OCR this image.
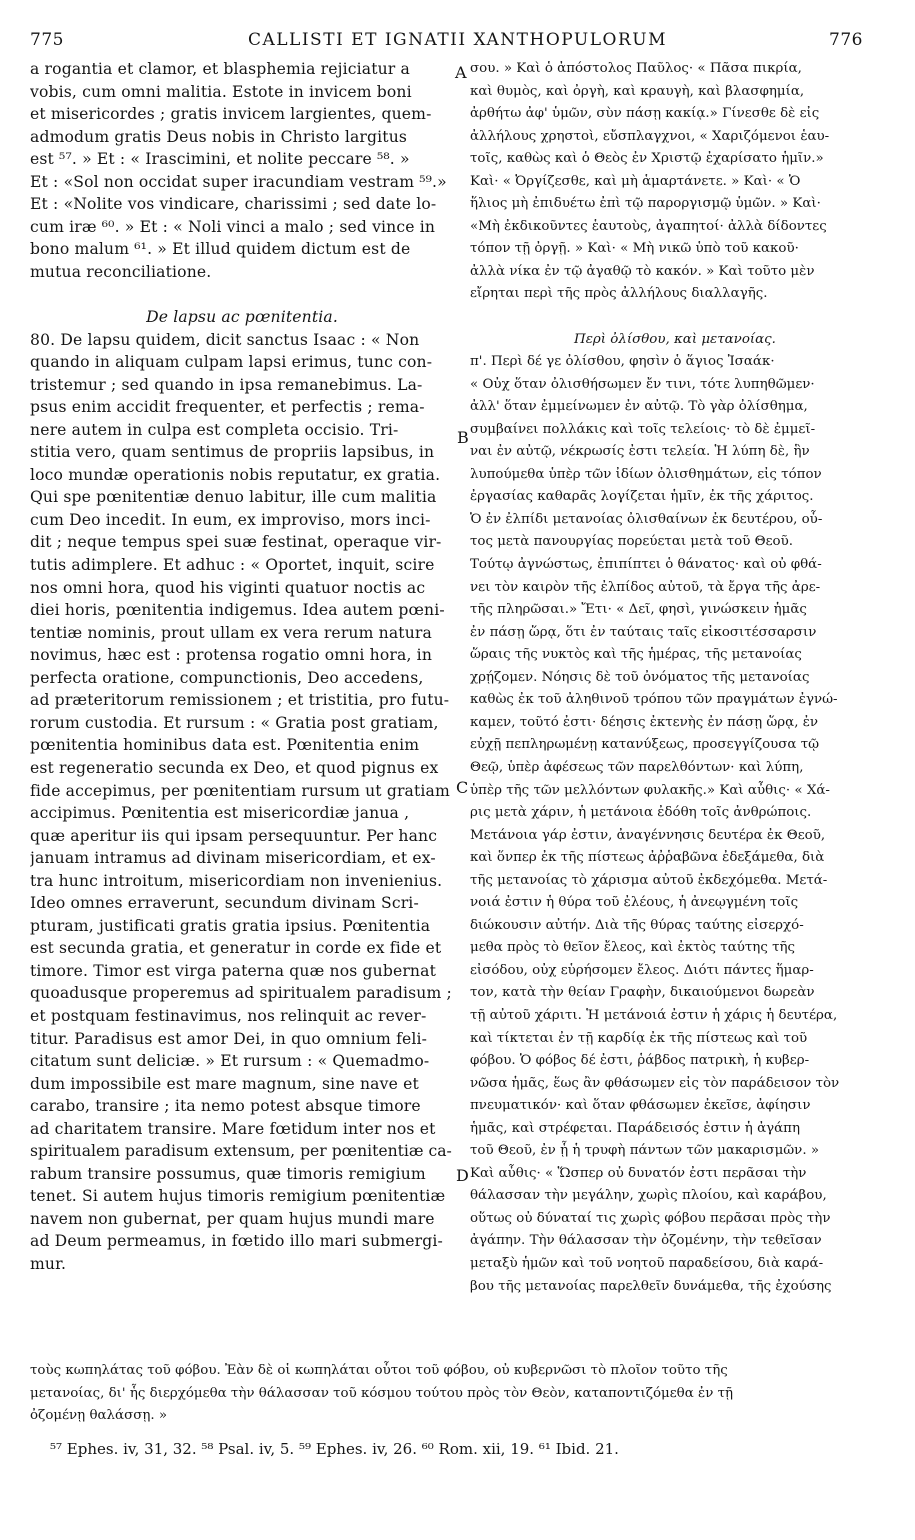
775	CALLISTI ET IGNATII XANTHOPULORUM	776
A
B
C
D
a rogantia et clamor, et blasphemia rejiciatur a
vobis, cum omni malitia. Estote in invicem boni
et misericordes ; gratis invicem largientes, quem-
admodum gratis Deus nobis in Christo largitus
est ⁵⁷. » Et : « Irascimini, et nolite peccare ⁵⁸. »
Et : «Sol non occidat super iracundiam vestram ⁵⁹.»
Et : «Nolite vos vindicare, charissimi ; sed date lo-
cum iræ ⁶⁰. » Et : « Noli vinci a malo ; sed vince in
bono malum ⁶¹. » Et illud quidem dictum est de
mutua reconciliatione.
De lapsu ac pœnitentia.
80. De lapsu quidem, dicit sanctus Isaac : « Non
quando in aliquam culpam lapsi erimus, tunc con-
tristemur ; sed quando in ipsa remanebimus. La-
psus enim accidit frequenter, et perfectis ; rema-
nere autem in culpa est completa occisio. Tri-
stitia vero, quam sentimus de propriis lapsibus, in
loco mundæ operationis nobis reputatur, ex gratia.
Qui spe pœnitentiæ denuo labitur, ille cum malitia
cum Deo incedit. In eum, ex improviso, mors inci-
dit ; neque tempus spei suæ festinat, operaque vir-
tutis adimplere. Et adhuc : « Oportet, inquit, scire
nos omni hora, quod his viginti quatuor noctis ac
diei horis, pœnitentia indigemus. Idea autem pœni-
tentiæ nominis, prout ullam ex vera rerum natura
novimus, hæc est : protensa rogatio omni hora, in
perfecta oratione, compunctionis, Deo accedens,
ad præteritorum remissionem ; et tristitia, pro futu-
rorum custodia. Et rursum : « Gratia post gratiam,
pœnitentia hominibus data est. Pœnitentia enim
est regeneratio secunda ex Deo, et quod pignus ex
fide accepimus, per pœnitentiam rursum ut gratiam
accipimus. Pœnitentia est misericordiæ janua ,
quæ aperitur iis qui ipsam persequuntur. Per hanc
januam intramus ad divinam misericordiam, et ex-
tra hunc introitum, misericordiam non invenienius.
Ideo omnes erraverunt, secundum divinam Scri-
pturam, justificati gratis gratia ipsius. Pœnitentia
est secunda gratia, et generatur in corde ex fide et
timore. Timor est virga paterna quæ nos gubernat
quoadusque properemus ad spiritualem paradisum ;
et postquam festinavimus, nos relinquit ac rever-
titur. Paradisus est amor Dei, in quo omnium feli-
citatum sunt deliciæ. » Et rursum : « Quemadmo-
dum impossibile est mare magnum, sine nave et
carabo, transire ; ita nemo potest absque timore
ad charitatem transire. Mare fœtidum inter nos et
spiritualem paradisum extensum, per pœnitentiæ ca-
rabum transire possumus, quæ timoris remigium
tenet. Si autem hujus timoris remigium pœnitentiæ
navem non gubernat, per quam hujus mundi mare
ad Deum permeamus, in fœtido illo mari submergi-
mur.
σου. » Καὶ ὁ ἀπόστολος Παῦλος· « Πᾶσα πικρία,
καὶ θυμὸς, καὶ ὀργὴ, καὶ κραυγὴ, καὶ βλασφημία,
ἀρθήτω ἀφ' ὑμῶν, σὺν πάσῃ κακίᾳ.» Γίνεσθε δὲ εἰς
ἀλλήλους χρηστοὶ, εὔσπλαγχνοι, « Χαριζόμενοι ἑαυ-
τοῖς, καθὼς καὶ ὁ Θεὸς ἐν Χριστῷ ἐχαρίσατο ἡμῖν.»
Καὶ· « Ὀργίζεσθε, καὶ μὴ ἁμαρτάνετε. » Καὶ· « Ὁ
ἥλιος μὴ ἐπιδυέτω ἐπὶ τῷ παροργισμῷ ὑμῶν. » Καὶ·
«Μὴ ἐκδικοῦντες ἑαυτοὺς, ἀγαπητοί· ἀλλὰ δίδοντες
τόπον τῇ ὀργῇ. » Καὶ· « Μὴ νικῶ ὑπὸ τοῦ κακοῦ·
ἀλλὰ νίκα ἐν τῷ ἀγαθῷ τὸ κακόν. » Καὶ τοῦτο μὲν
εἴρηται περὶ τῆς πρὸς ἀλλήλους διαλλαγῆς.
Περὶ ὀλίσθου, καὶ μετανοίας.
π'. Περὶ δέ γε ὀλίσθου, φησὶν ὁ ἅγιος Ἰσαάκ·
« Οὐχ ὅταν ὀλισθήσωμεν ἔν τινι, τότε λυπηθῶμεν·
ἀλλ' ὅταν ἐμμείνωμεν ἐν αὐτῷ. Τὸ γὰρ ὀλίσθημα,
συμβαίνει πολλάκις καὶ τοῖς τελείοις· τὸ δὲ ἐμμεῖ-
ναι ἐν αὐτῷ, νέκρωσίς ἐστι τελεία. Ἡ λύπη δὲ, ἣν
λυπούμεθα ὑπὲρ τῶν ἰδίων ὀλισθημάτων, εἰς τόπον
ἐργασίας καθαρᾶς λογίζεται ἡμῖν, ἐκ τῆς χάριτος.
Ὁ ἐν ἐλπίδι μετανοίας ὀλισθαίνων ἐκ δευτέρου, οὗ-
τος μετὰ πανουργίας πορεύεται μετὰ τοῦ Θεοῦ.
Τούτῳ ἀγνώστως, ἐπιπίπτει ὁ θάνατος· καὶ οὐ φθά-
νει τὸν καιρὸν τῆς ἐλπίδος αὐτοῦ, τὰ ἔργα τῆς ἀρε-
τῆς πληρῶσαι.» Ἔτι· « Δεῖ, φησὶ, γινώσκειν ἡμᾶς
ἐν πάσῃ ὥρᾳ, ὅτι ἐν ταύταις ταῖς εἰκοσιτέσσαρσιν
ὥραις τῆς νυκτὸς καὶ τῆς ἡμέρας, τῆς μετανοίας
χρῄζομεν. Νόησις δὲ τοῦ ὀνόματος τῆς μετανοίας
καθὼς ἐκ τοῦ ἀληθινοῦ τρόπου τῶν πραγμάτων ἐγνώ-
καμεν, τοῦτό ἐστι· δέησις ἐκτενὴς ἐν πάσῃ ὥρᾳ, ἐν
εὐχῇ πεπληρωμένῃ κατανύξεως, προσεγγίζουσα τῷ
Θεῷ, ὑπὲρ ἀφέσεως τῶν παρελθόντων· καὶ λύπη,
ὑπὲρ τῆς τῶν μελλόντων φυλακῆς.» Καὶ αὖθις· « Χά-
ρις μετὰ χάριν, ἡ μετάνοια ἐδόθη τοῖς ἀνθρώποις.
Μετάνοια γάρ ἐστιν, ἀναγέννησις δευτέρα ἐκ Θεοῦ,
καὶ ὅνπερ ἐκ τῆς πίστεως ἀῤῥαβῶνα ἐδεξάμεθα, διὰ
τῆς μετανοίας τὸ χάρισμα αὐτοῦ ἐκδεχόμεθα. Μετά-
νοιά ἐστιν ἡ θύρα τοῦ ἐλέους, ἡ ἀνεῳγμένη τοῖς
διώκουσιν αὐτήν. Διὰ τῆς θύρας ταύτης εἰσερχό-
μεθα πρὸς τὸ θεῖον ἔλεος, καὶ ἐκτὸς ταύτης τῆς
εἰσόδου, οὐχ εὑρήσομεν ἔλεος. Διότι πάντες ἥμαρ-
τον, κατὰ τὴν θείαν Γραφὴν, δικαιούμενοι δωρεὰν
τῇ αὐτοῦ χάριτι. Ἡ μετάνοιά ἐστιν ἡ χάρις ἡ δευτέρα,
καὶ τίκτεται ἐν τῇ καρδίᾳ ἐκ τῆς πίστεως καὶ τοῦ
φόβου. Ὁ φόβος δέ ἐστι, ῥάβδος πατρικὴ, ἡ κυβερ-
νῶσα ἡμᾶς, ἕως ἂν φθάσωμεν εἰς τὸν παράδεισον τὸν
πνευματικόν· καὶ ὅταν φθάσωμεν ἐκεῖσε, ἀφίησιν
ἡμᾶς, καὶ στρέφεται. Παράδεισός ἐστιν ἡ ἀγάπη
τοῦ Θεοῦ, ἐν ᾗ ἡ τρυφὴ πάντων τῶν μακαρισμῶν. »
Καὶ αὖθις· « Ὥσπερ οὐ δυνατόν ἐστι περᾶσαι τὴν
θάλασσαν τὴν μεγάλην, χωρὶς πλοίου, καὶ καράβου,
οὕτως οὐ δύναταί τις χωρὶς φόβου περᾶσαι πρὸς τὴν
ἀγάπην. Τὴν θάλασσαν τὴν ὀζομένην, τὴν τεθεῖσαν
μεταξὺ ἡμῶν καὶ τοῦ νοητοῦ παραδείσου, διὰ καρά-
βου τῆς μετανοίας παρελθεῖν δυνάμεθα, τῆς ἐχούσης
τοὺς κωπηλάτας τοῦ φόβου. Ἐὰν δὲ οἱ κωπηλάται οὗτοι τοῦ φόβου, οὐ κυβερνῶσι τὸ πλοῖον τοῦτο τῆς
μετανοίας, δι' ἧς διερχόμεθα τὴν θάλασσαν τοῦ κόσμου τούτου πρὸς τὸν Θεὸν, καταποντιζόμεθα ἐν τῇ
ὀζομένῃ θαλάσσῃ. »
⁵⁷ Ephes. iv, 31, 32. ⁵⁸ Psal. iv, 5. ⁵⁹ Ephes. iv, 26. ⁶⁰ Rom. xii, 19. ⁶¹ Ibid. 21.
